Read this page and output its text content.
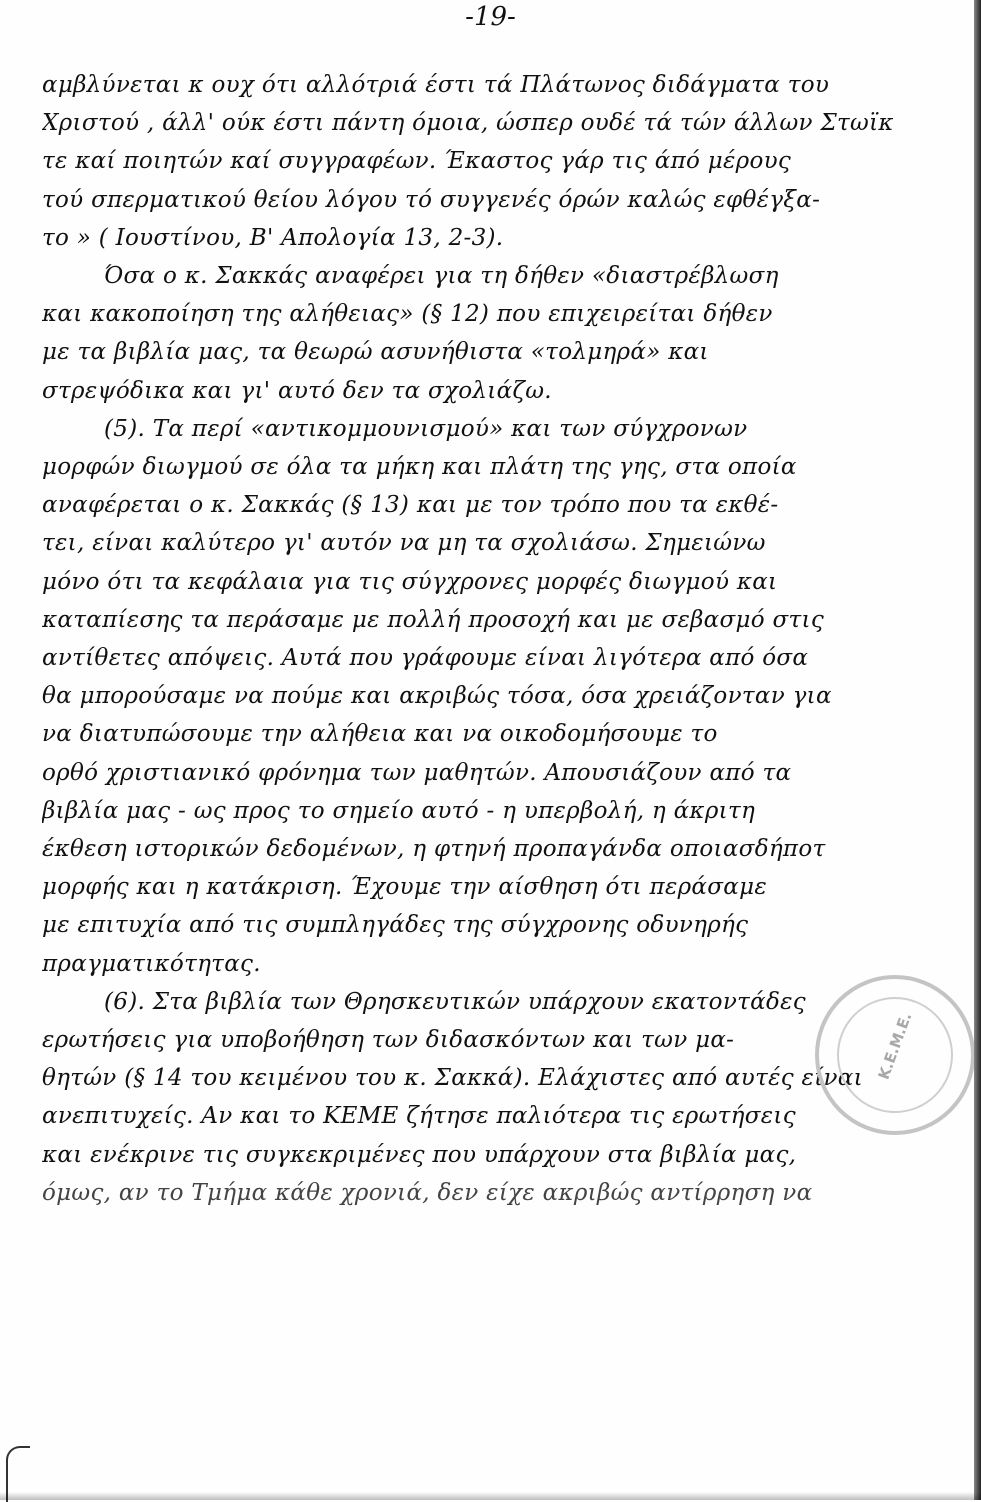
-19-
αμβλύνεται κ ουχ ότι αλλότριά έστι τά Πλάτωνος διδάγματα του
Χριστού , άλλ' ούκ έστι πάντη όμοια, ώσπερ ουδέ τά τών άλλων Στωϊκ
τε καί ποιητών καί συγγραφέων. Έκαστος γάρ τις άπό μέρους
τού σπερματικού θείου λόγου τό συγγενές όρών καλώς εφθέγξα-
το » ( Ιουστίνου, Β' Απολογία 13, 2-3).
Όσα ο κ. Σακκάς αναφέρει για τη δήθεν «διαστρέβλωση
και κακοποίηση της αλήθειας» (§ 12) που επιχειρείται δήθεν
με τα βιβλία μας, τα θεωρώ ασυνήθιστα «τολμηρά» και
στρεψόδικα και γι' αυτό δεν τα σχολιάζω.
(5). Τα περί «αντικομμουνισμού» και των σύγχρονων
μορφών διωγμού σε όλα τα μήκη και πλάτη της γης, στα οποία
αναφέρεται ο κ. Σακκάς (§ 13) και με τον τρόπο που τα εκθέ-
τει, είναι καλύτερο γι' αυτόν να μη τα σχολιάσω. Σημειώνω
μόνο ότι τα κεφάλαια για τις σύγχρονες μορφές διωγμού και
καταπίεσης τα περάσαμε με πολλή προσοχή και με σεβασμό στις
αντίθετες απόψεις. Αυτά που γράφουμε είναι λιγότερα από όσα
θα μπορούσαμε να πούμε και ακριβώς τόσα, όσα χρειάζονταν για
να διατυπώσουμε την αλήθεια και να οικοδομήσουμε το
ορθό χριστιανικό φρόνημα των μαθητών. Απουσιάζουν από τα
βιβλία μας - ως προς το σημείο αυτό - η υπερβολή, η άκριτη
έκθεση ιστορικών δεδομένων, η φτηνή προπαγάνδα οποιασδήποτ
μορφής και η κατάκριση. Έχουμε την αίσθηση ότι περάσαμε
με επιτυχία από τις συμπληγάδες της σύγχρονης οδυνηρής
πραγματικότητας.
(6). Στα βιβλία των Θρησκευτικών υπάρχουν εκατοντάδες
ερωτήσεις για υποβοήθηση των διδασκόντων και των μα-
θητών (§ 14 του κειμένου του κ. Σακκά). Ελάχιστες από αυτές είναι
ανεπιτυχείς. Αν και το ΚΕΜΕ ζήτησε παλιότερα τις ερωτήσεις
και ενέκρινε τις συγκεκριμένες που υπάρχουν στα βιβλία μας,
όμως, αν το Τμήμα κάθε χρονιά, δεν είχε ακριβώς αντίρρηση να
Κ.Ε.Μ.Ε.
